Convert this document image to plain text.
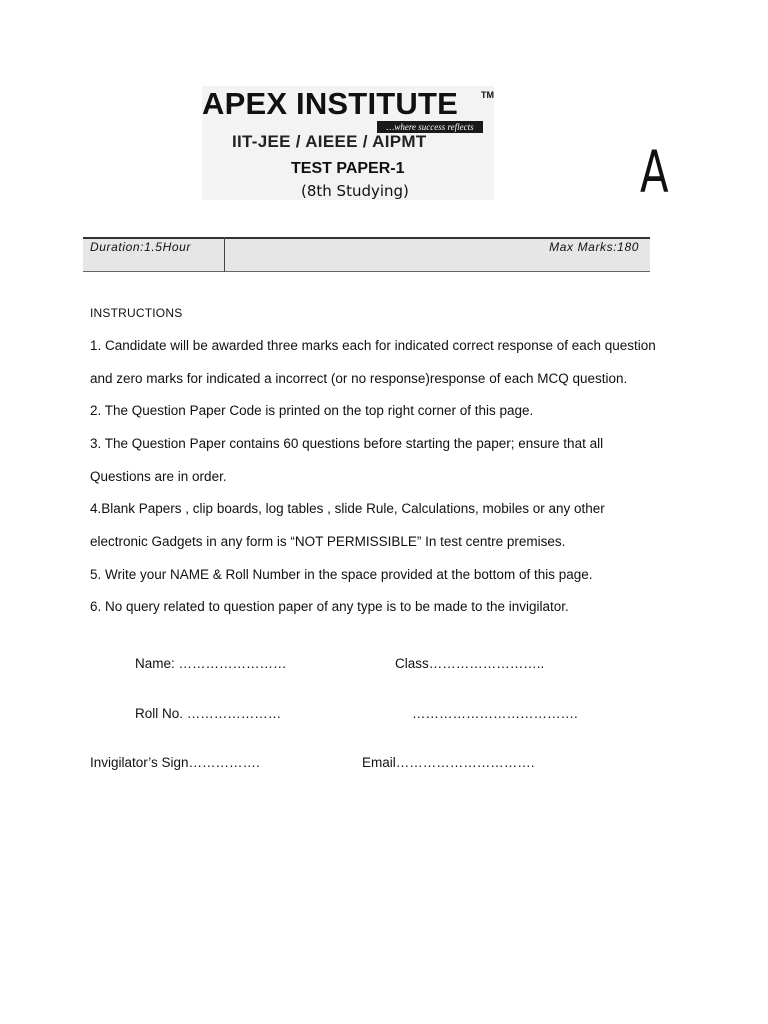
APEX INSTITUTE	TM
…where success reflects
IIT-JEE / AIEEE / AIPMT
TEST PAPER-1
(8th Studying)	A
Duration:1.5Hour	Max Marks:180
INSTRUCTIONS
1. Candidate will be awarded three marks each for indicated correct response of each question
and zero marks for indicated a incorrect (or no response)response of each MCQ question.
2. The Question Paper Code is printed on the top right corner of this page.
3. The Question Paper contains 60 questions before starting the paper; ensure that all
Questions are in order.
4.Blank Papers , clip boards, log tables , slide Rule, Calculations, mobiles or any other
electronic Gadgets in any form is “NOT PERMISSIBLE” In test centre premises.
5. Write your NAME & Roll Number in the space provided at the bottom of this page.
6. No query related to question paper of any type is to be made to the invigilator.
Name: ……………………	Class……………………..
Roll No. …………………	……………………………….
Invigilator’s Sign…………….	Email………………………….
